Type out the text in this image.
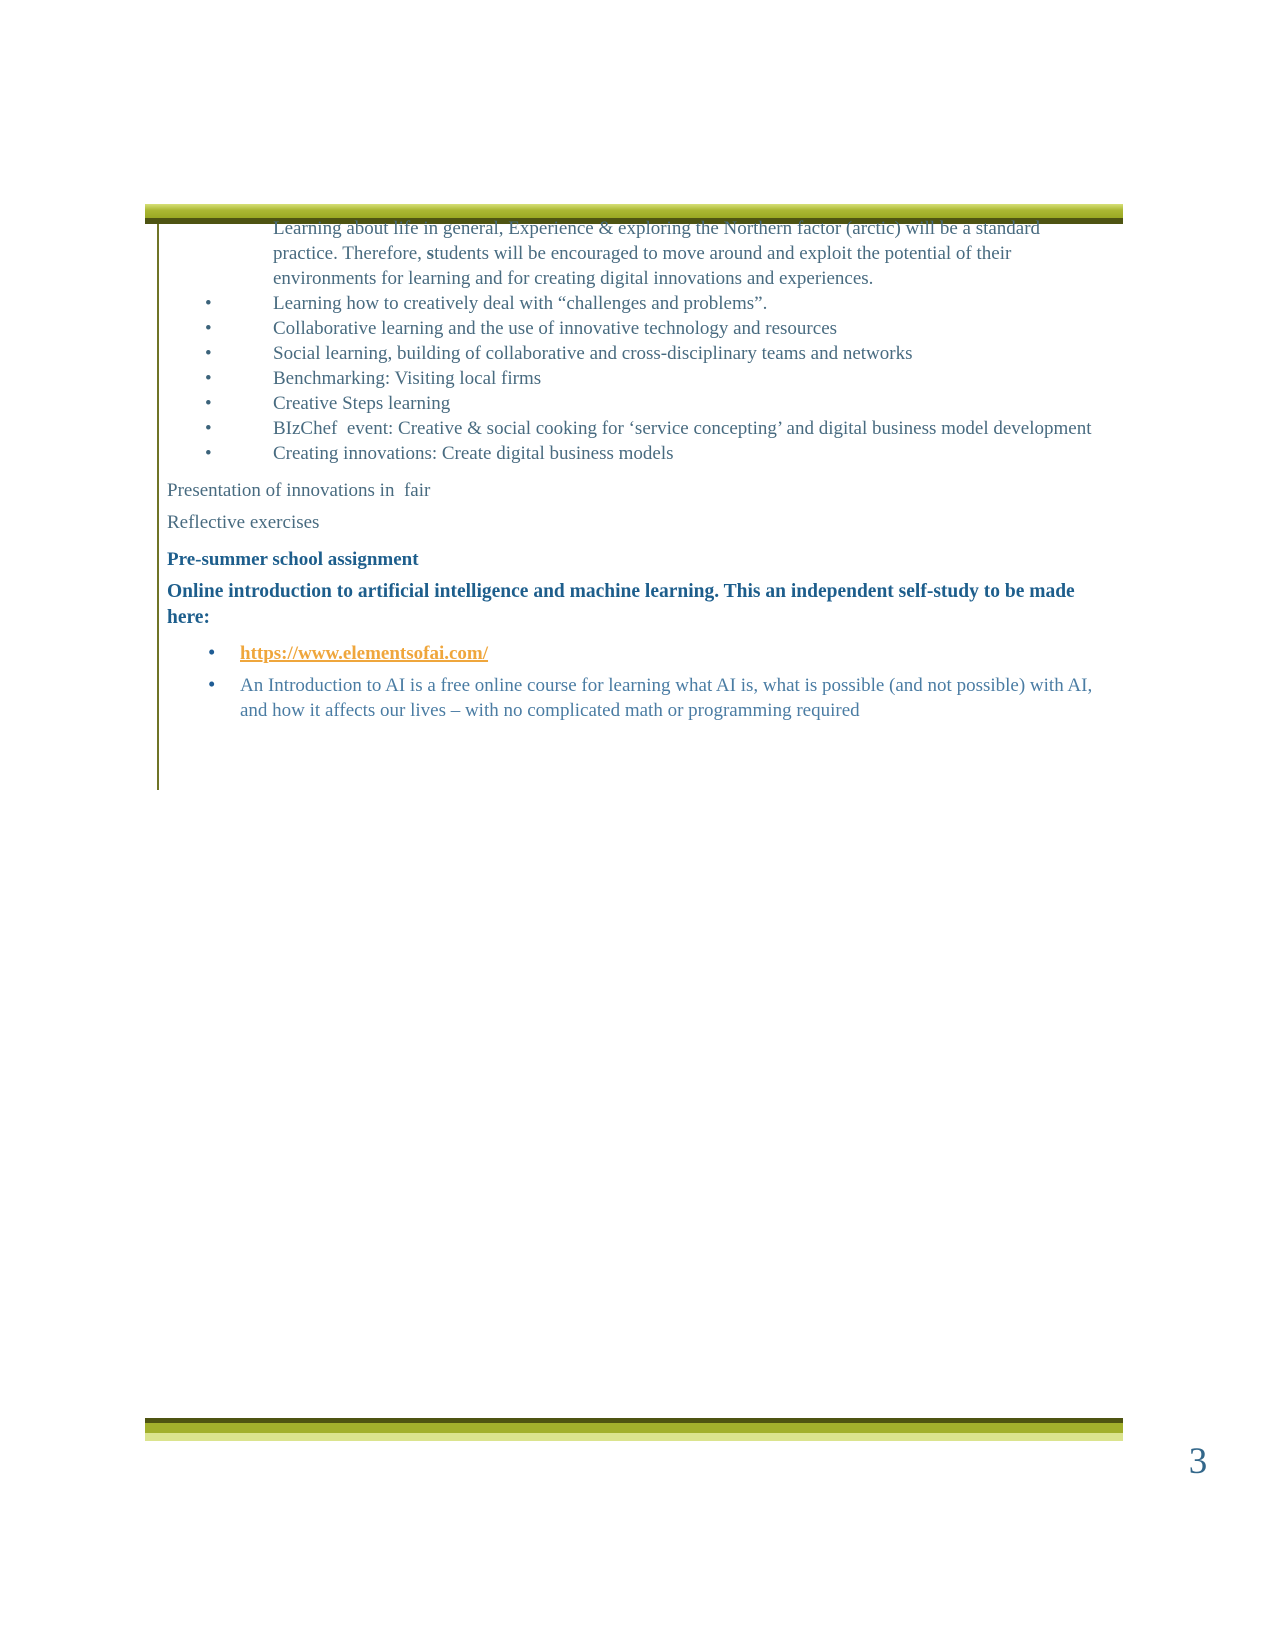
Learning about life in general, Experience & exploring the Northern factor (arctic) will be a standard practice. Therefore, students will be encouraged to move around and exploit the potential of their environments for learning and for creating digital innovations and experiences.

• Learning how to creatively deal with “challenges and problems”.
• Collaborative learning and the use of innovative technology and resources
• Social learning, building of collaborative and cross-disciplinary teams and networks
• Benchmarking: Visiting local firms
• Creative Steps learning
• BIzChef  event: Creative & social cooking for ‘service concepting’ and digital business model development
• Creating innovations: Create digital business models

Presentation of innovations in  fair

Reflective exercises

Pre-summer school assignment

Online introduction to artificial intelligence and machine learning. This an independent self-study to be made here:

• https://www.elementsofai.com/
• An Introduction to AI is a free online course for learning what AI is, what is possible (and not possible) with AI, and how it affects our lives – with no complicated math or programming required
3
